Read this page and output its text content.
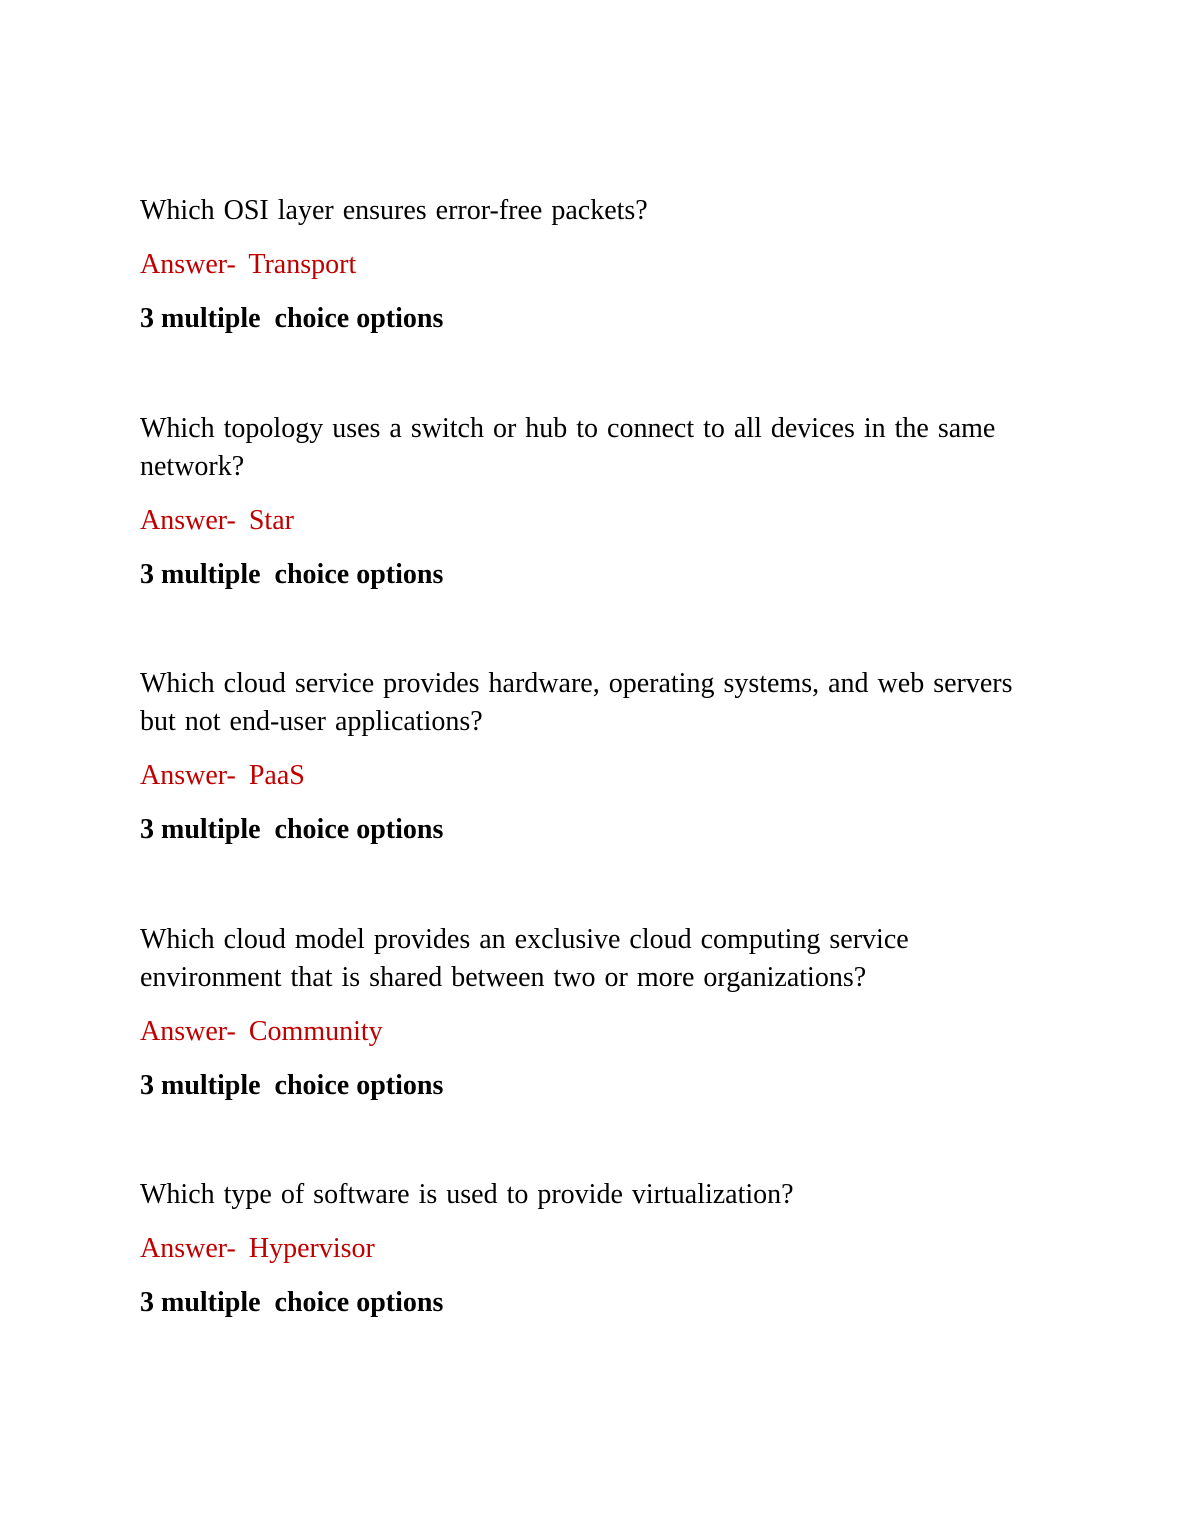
Which OSI layer ensures error-free packets?

Answer- Transport

3 multiple  choice options

Which topology uses a switch or hub to connect to all devices in the same network?

Answer- Star

3 multiple  choice options

Which cloud service provides hardware, operating systems, and web servers but not end-user applications?

Answer- PaaS

3 multiple  choice options

Which cloud model provides an exclusive cloud computing service environment that is shared between two or more organizations?

Answer- Community

3 multiple  choice options

Which type of software is used to provide virtualization?

Answer- Hypervisor

3 multiple  choice options
